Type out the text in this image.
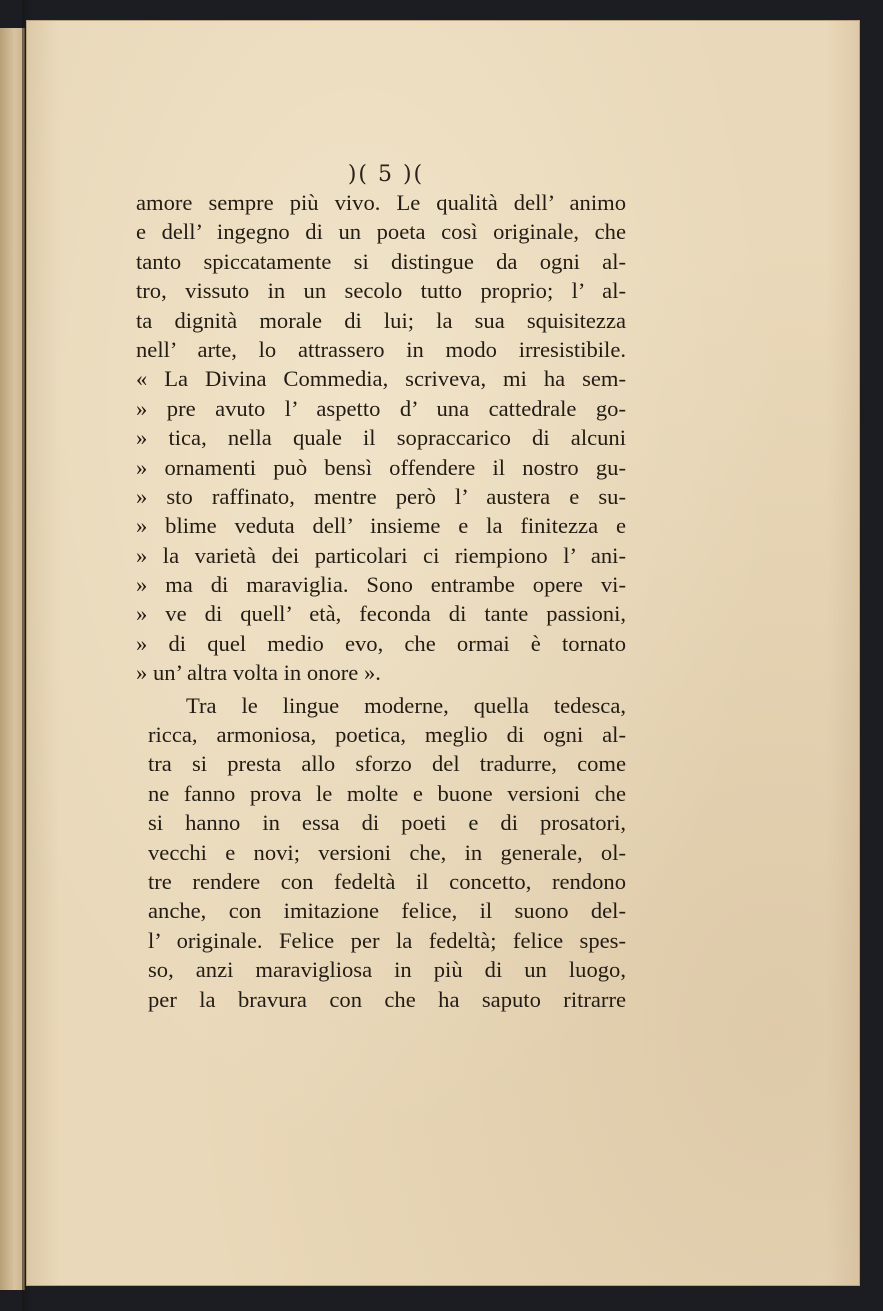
)( 5 )(

amore sempre più vivo. Le qualità dell’ animo

e dell’ ingegno di un poeta così originale, che

tanto spiccatamente si distingue da ogni al-

tro, vissuto in un secolo tutto proprio; l’ al-

ta dignità morale di lui; la sua squisitezza

nell’ arte, lo attrassero in modo irresistibile.

« La Divina Commedia, scriveva, mi ha sem-

» pre avuto l’ aspetto d’ una cattedrale go-

» tica, nella quale il sopraccarico di alcuni

» ornamenti può bensì offendere il nostro gu-

» sto raffinato, mentre però l’ austera e su-

» blime veduta dell’ insieme e la finitezza e

» la varietà dei particolari ci riempiono l’ ani-

» ma di maraviglia. Sono entrambe opere vi-

» ve di quell’ età, feconda di tante passioni,

» di quel medio evo, che ormai è tornato

» un’ altra volta in onore ».

Tra le lingue moderne, quella tedesca,

ricca, armoniosa, poetica, meglio di ogni al-

tra si presta allo sforzo del tradurre, come

ne fanno prova le molte e buone versioni che

si hanno in essa di poeti e di prosatori,

vecchi e novi; versioni che, in generale, ol-

tre rendere con fedeltà il concetto, rendono

anche, con imitazione felice, il suono del-

l’ originale. Felice per la fedeltà; felice spes-

so, anzi maravigliosa in più di un luogo,

per la bravura con che ha saputo ritrarre
